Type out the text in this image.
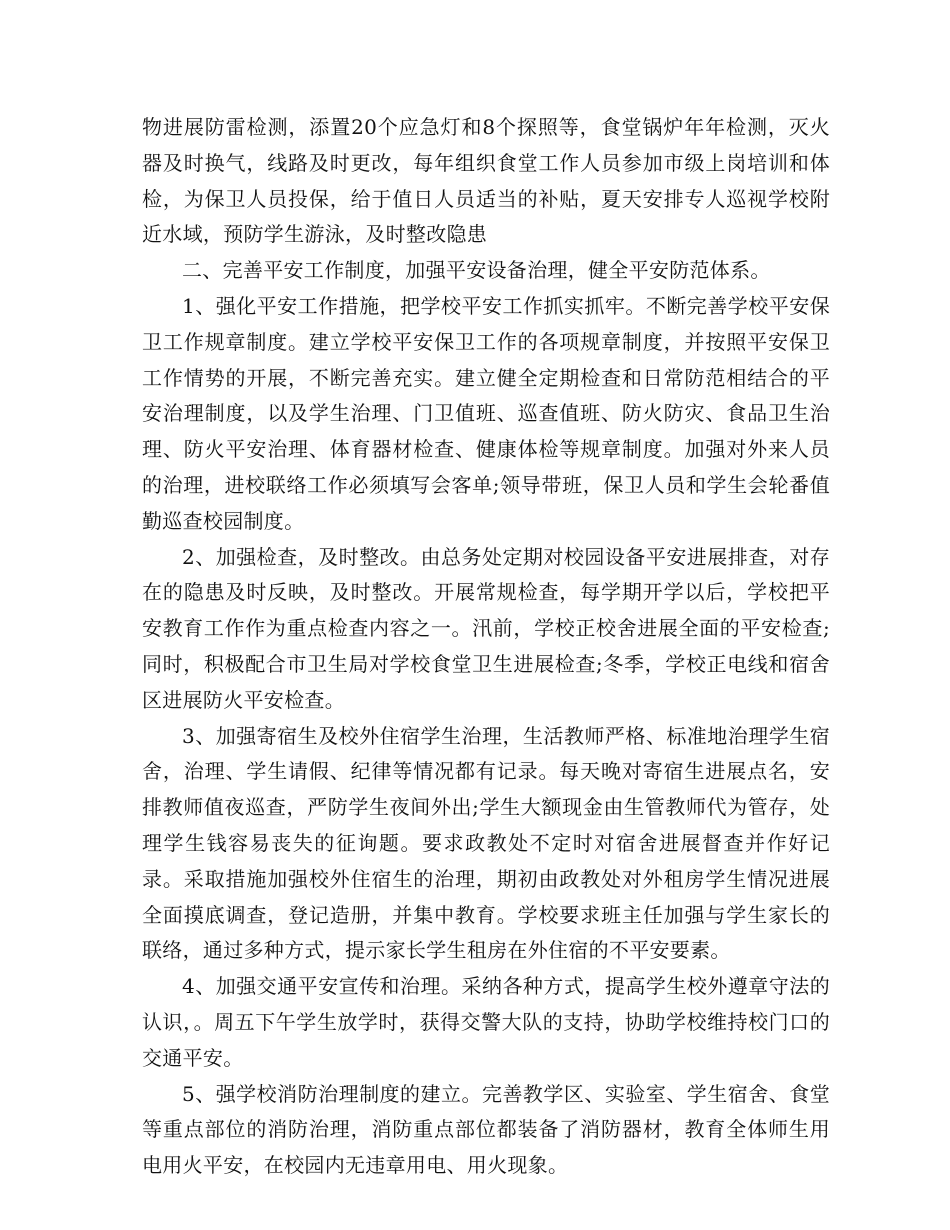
物进展防雷检测，添置20个应急灯和8个探照等，食堂锅炉年年检测，灭火器及时换气，线路及时更改，每年组织食堂工作人员参加市级上岗培训和体检，为保卫人员投保，给于值日人员适当的补贴，夏天安排专人巡视学校附近水域，预防学生游泳，及时整改隐患

二、完善平安工作制度，加强平安设备治理，健全平安防范体系。

1、强化平安工作措施，把学校平安工作抓实抓牢。不断完善学校平安保卫工作规章制度。建立学校平安保卫工作的各项规章制度，并按照平安保卫工作情势的开展，不断完善充实。建立健全定期检查和日常防范相结合的平安治理制度，以及学生治理、门卫值班、巡查值班、防火防灾、食品卫生治理、防火平安治理、体育器材检查、健康体检等规章制度。加强对外来人员的治理，进校联络工作必须填写会客单;领导带班，保卫人员和学生会轮番值勤巡查校园制度。

2、加强检查，及时整改。由总务处定期对校园设备平安进展排查，对存在的隐患及时反映，及时整改。开展常规检查，每学期开学以后，学校把平安教育工作作为重点检查内容之一。汛前，学校正校舍进展全面的平安检查;同时，积极配合市卫生局对学校食堂卫生进展检查;冬季，学校正电线和宿舍区进展防火平安检查。

3、加强寄宿生及校外住宿学生治理，生活教师严格、标准地治理学生宿舍，治理、学生请假、纪律等情况都有记录。每天晚对寄宿生进展点名，安排教师值夜巡查，严防学生夜间外出;学生大额现金由生管教师代为管存，处理学生钱容易丧失的征询题。要求政教处不定时对宿舍进展督查并作好记录。采取措施加强校外住宿生的治理，期初由政教处对外租房学生情况进展全面摸底调查，登记造册，并集中教育。学校要求班主任加强与学生家长的联络，通过多种方式，提示家长学生租房在外住宿的不平安要素。

4、加强交通平安宣传和治理。采纳各种方式，提高学生校外遵章守法的认识，。周五下午学生放学时，获得交警大队的支持，协助学校维持校门口的交通平安。

5、强学校消防治理制度的建立。完善教学区、实验室、学生宿舍、食堂等重点部位的消防治理，消防重点部位都装备了消防器材，教育全体师生用电用火平安，在校园内无违章用电、用火现象。
